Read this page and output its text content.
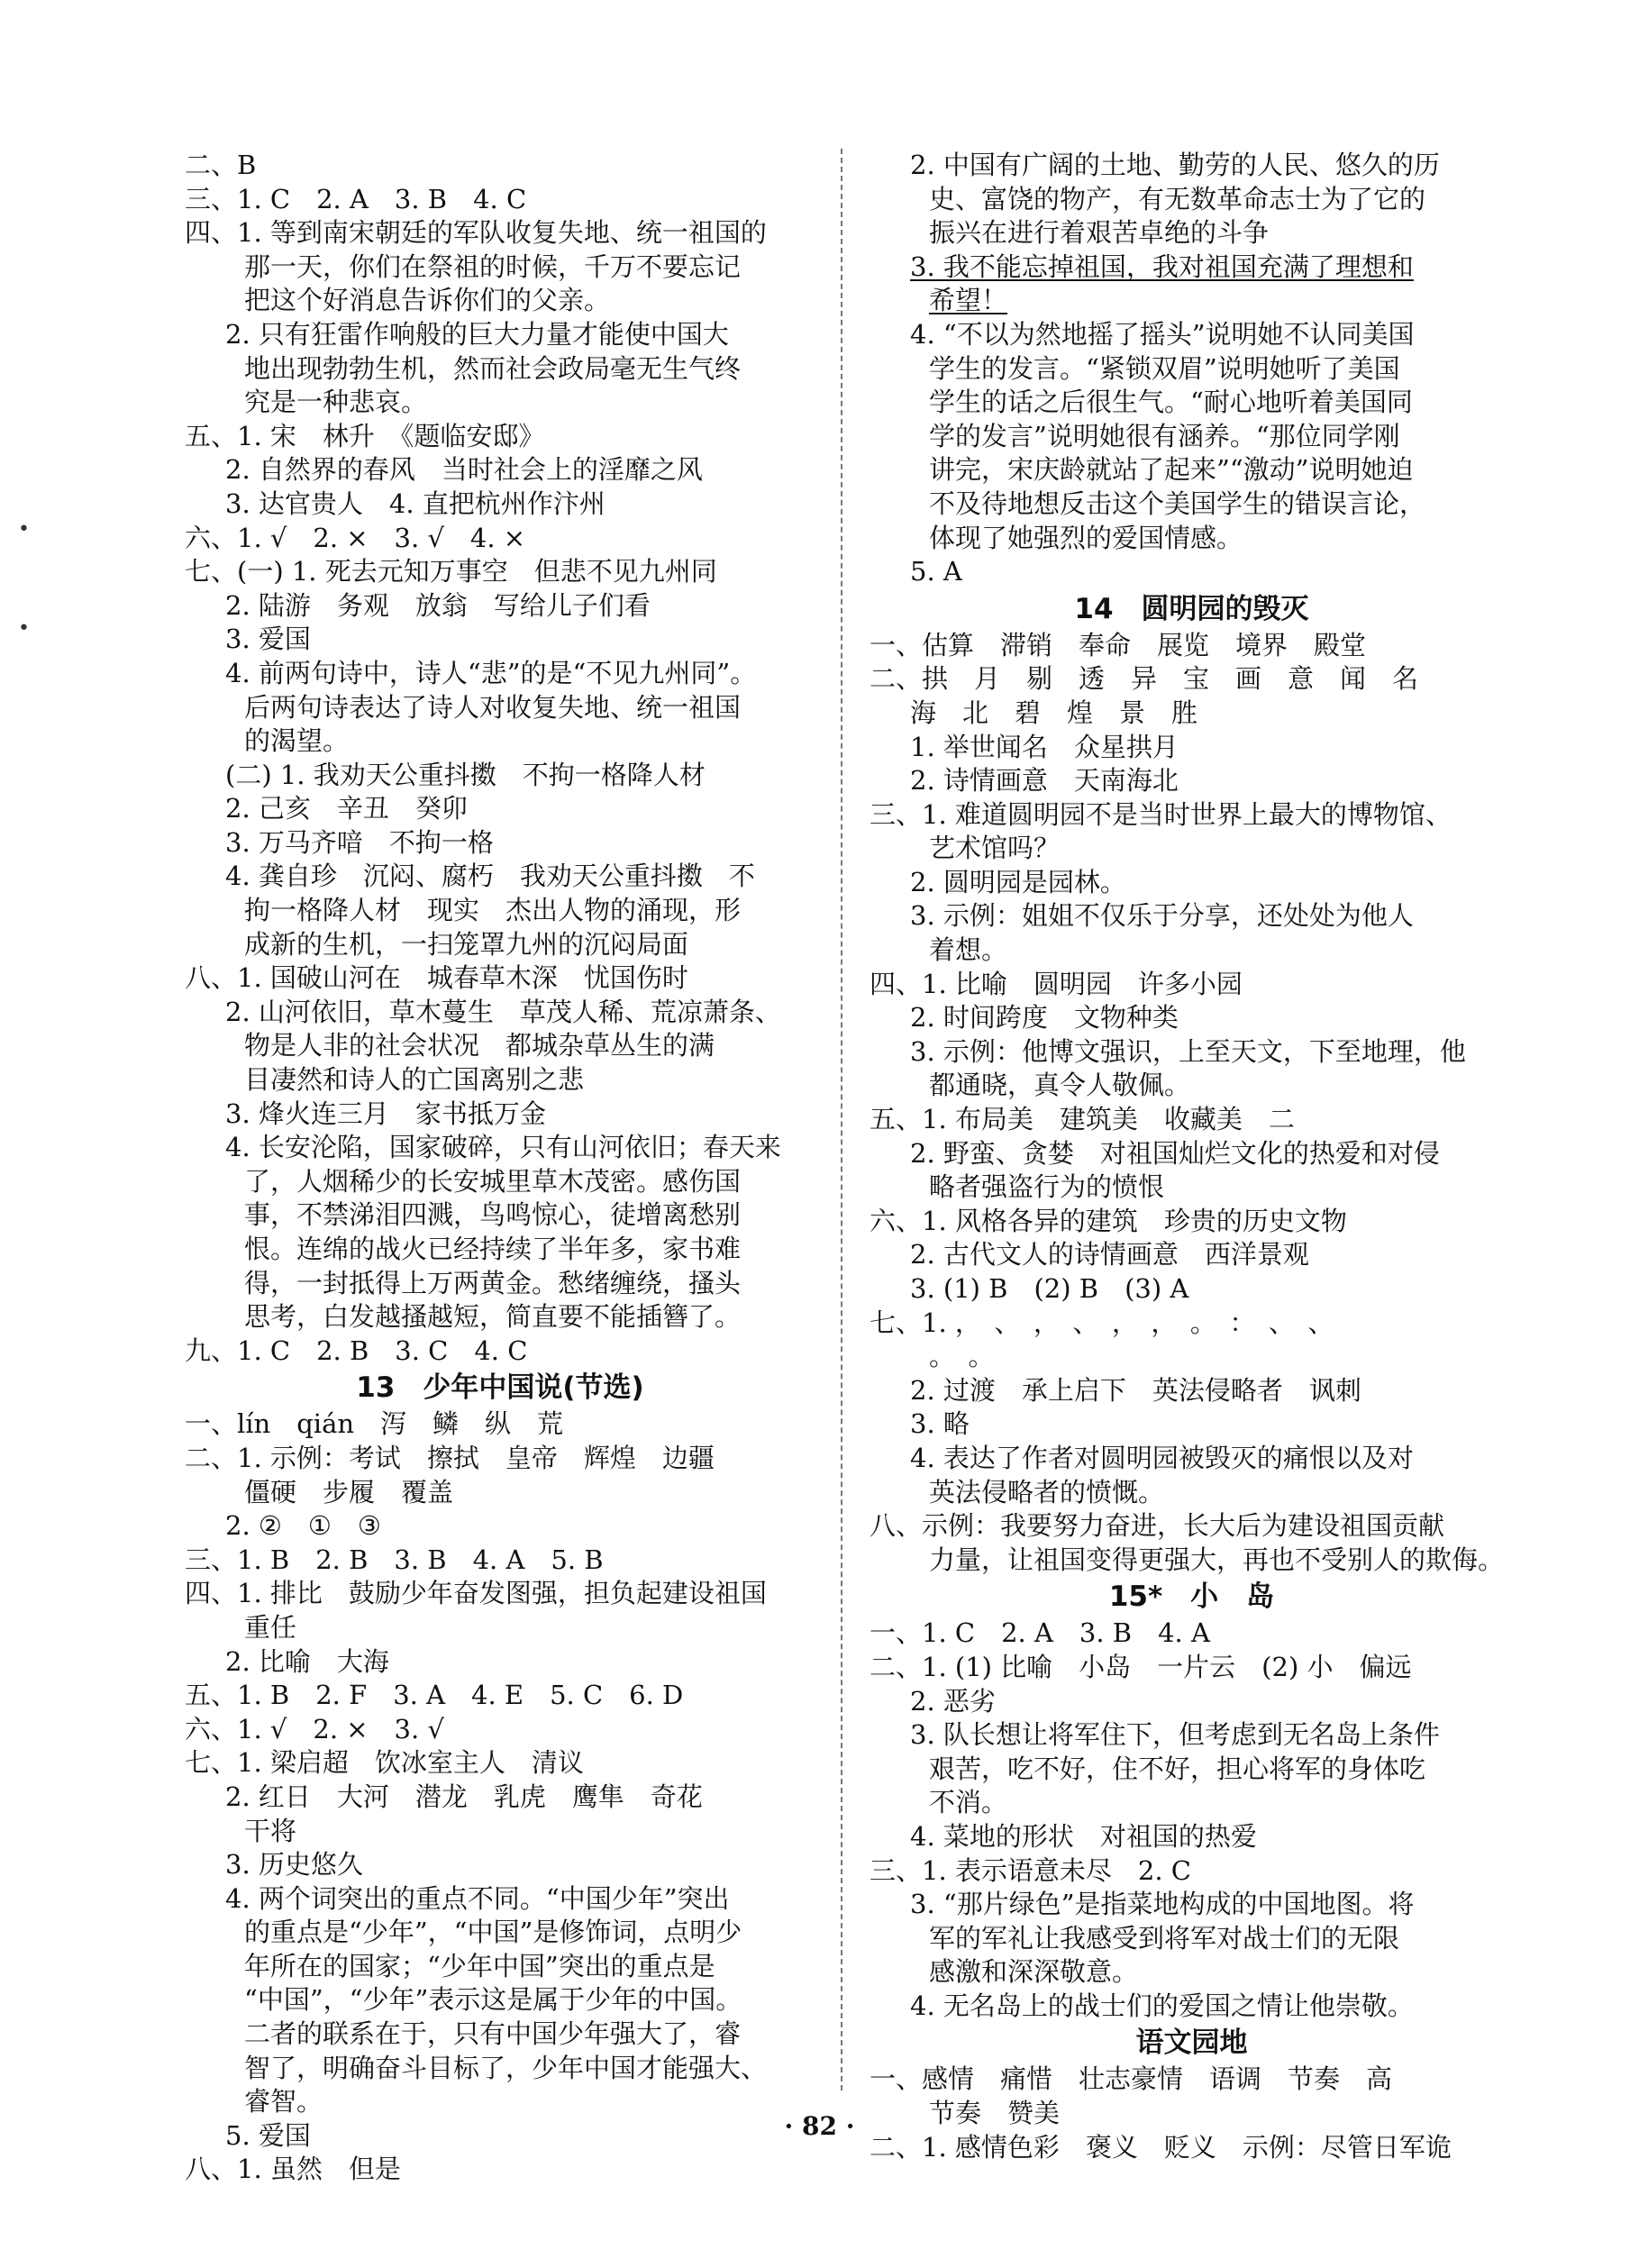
•
•
二、B
三、1. C　2. A　3. B　4. C
四、1. 等到南宋朝廷的军队收复失地、统一祖国的
那一天，你们在祭祖的时候，千万不要忘记
把这个好消息告诉你们的父亲。
2. 只有狂雷作响般的巨大力量才能使中国大
地出现勃勃生机，然而社会政局毫无生气终
究是一种悲哀。
五、1. 宋　林升　《题临安邸》
2. 自然界的春风　当时社会上的淫靡之风
3. 达官贵人　4. 直把杭州作汴州
六、1. √　2. ×　3. √　4. ×
七、(一) 1. 死去元知万事空　但悲不见九州同
2. 陆游　务观　放翁　写给儿子们看
3. 爱国
4. 前两句诗中，诗人“悲”的是“不见九州同”。
后两句诗表达了诗人对收复失地、统一祖国
的渴望。
(二) 1. 我劝天公重抖擞　不拘一格降人材
2. 己亥　辛丑　癸卯
3. 万马齐喑　不拘一格
4. 龚自珍　沉闷、腐朽　我劝天公重抖擞　不
拘一格降人材　现实　杰出人物的涌现，形
成新的生机，一扫笼罩九州的沉闷局面
八、1. 国破山河在　城春草木深　忧国伤时
2. 山河依旧，草木蔓生　草茂人稀、荒凉萧条、
物是人非的社会状况　都城杂草丛生的满
目凄然和诗人的亡国离别之悲
3. 烽火连三月　家书抵万金
4. 长安沦陷，国家破碎，只有山河依旧；春天来
了，人烟稀少的长安城里草木茂密。感伤国
事，不禁涕泪四溅，鸟鸣惊心，徒增离愁别
恨。连绵的战火已经持续了半年多，家书难
得，一封抵得上万两黄金。愁绪缠绕，搔头
思考，白发越搔越短，简直要不能插簪了。
九、1. C　2. B　3. C　4. C
13　少年中国说(节选)
一、lín　qián　泻　鳞　纵　荒
二、1. 示例：考试　擦拭　皇帝　辉煌　边疆
僵硬　步履　覆盖
2. ②　①　③
三、1. B　2. B　3. B　4. A　5. B
四、1. 排比　鼓励少年奋发图强，担负起建设祖国
重任
2. 比喻　大海
五、1. B　2. F　3. A　4. E　5. C　6. D
六、1. √　2. ×　3. √
七、1. 梁启超　饮冰室主人　清议
2. 红日　大河　潜龙　乳虎　鹰隼　奇花
干将
3. 历史悠久
4. 两个词突出的重点不同。“中国少年”突出
的重点是“少年”，“中国”是修饰词，点明少
年所在的国家；“少年中国”突出的重点是
“中国”，“少年”表示这是属于少年的中国。
二者的联系在于，只有中国少年强大了，睿
智了，明确奋斗目标了，少年中国才能强大、
睿智。
5. 爱国
八、1. 虽然　但是
2. 中国有广阔的土地、勤劳的人民、悠久的历
史、富饶的物产，有无数革命志士为了它的
振兴在进行着艰苦卓绝的斗争
3. 我不能忘掉祖国，我对祖国充满了理想和
希望！
4. “不以为然地摇了摇头”说明她不认同美国
学生的发言。“紧锁双眉”说明她听了美国
学生的话之后很生气。“耐心地听着美国同
学的发言”说明她很有涵养。“那位同学刚
讲完，宋庆龄就站了起来”“激动”说明她迫
不及待地想反击这个美国学生的错误言论，
体现了她强烈的爱国情感。
5. A
14　圆明园的毁灭
一、估算　滞销　奉命　展览　境界　殿堂
二、拱　月　剔　透　异　宝　画　意　闻　名
海　北　碧　煌　景　胜
1. 举世闻名　众星拱月
2. 诗情画意　天南海北
三、1. 难道圆明园不是当时世界上最大的博物馆、
艺术馆吗？
2. 圆明园是园林。
3. 示例：姐姐不仅乐于分享，还处处为他人
着想。
四、1. 比喻　圆明园　许多小园
2. 时间跨度　文物种类
3. 示例：他博文强识，上至天文，下至地理，他
都通晓，真令人敬佩。
五、1. 布局美　建筑美　收藏美　二
2. 野蛮、贪婪　对祖国灿烂文化的热爱和对侵
略者强盗行为的愤恨
六、1. 风格各异的建筑　珍贵的历史文物
2. 古代文人的诗情画意　西洋景观
3. (1) B　(2) B　(3) A
七、1. ，　、　，　、　，　，　。　：　、　、
。　。
2. 过渡　承上启下　英法侵略者　讽刺
3. 略
4. 表达了作者对圆明园被毁灭的痛恨以及对
英法侵略者的愤慨。
八、示例：我要努力奋进，长大后为建设祖国贡献
力量，让祖国变得更强大，再也不受别人的欺侮。
15*　小　岛
一、1. C　2. A　3. B　4. A
二、1. (1) 比喻　小岛　一片云　(2) 小　偏远
2. 恶劣
3. 队长想让将军住下，但考虑到无名岛上条件
艰苦，吃不好，住不好，担心将军的身体吃
不消。
4. 菜地的形状　对祖国的热爱
三、1. 表示语意未尽　2. C
3. “那片绿色”是指菜地构成的中国地图。将
军的军礼让我感受到将军对战士们的无限
感激和深深敬意。
4. 无名岛上的战士们的爱国之情让他崇敬。
语文园地
一、感情　痛惜　壮志豪情　语调　节奏　高
节奏　赞美
二、1. 感情色彩　褒义　贬义　示例：尽管日军诡
· 82 ·
